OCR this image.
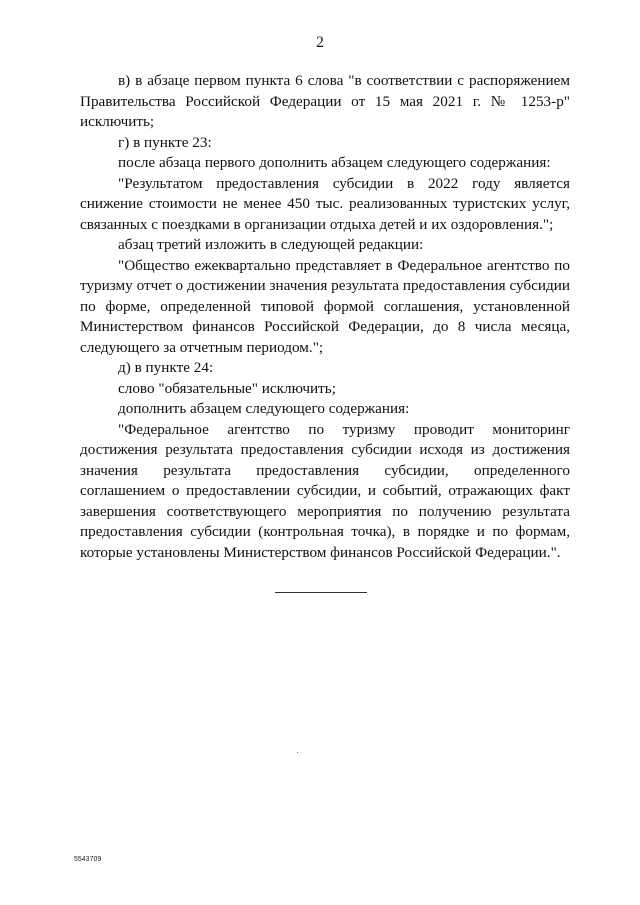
2

в) в абзаце первом пункта 6 слова "в соответствии с распоряжением Правительства Российской Федерации от 15 мая 2021 г. № 1253-р" исключить;

г) в пункте 23:

после абзаца первого дополнить абзацем следующего содержания:

"Результатом предоставления субсидии в 2022 году является снижение стоимости не менее 450 тыс. реализованных туристских услуг, связанных с поездками в организации отдыха детей и их оздоровления.";

абзац третий изложить в следующей редакции:

"Общество ежеквартально представляет в Федеральное агентство по туризму отчет о достижении значения результата предоставления субсидии по форме, определенной типовой формой соглашения, установленной Министерством финансов Российской Федерации, до 8 числа месяца, следующего за отчетным периодом.";

д) в пункте 24:

слово "обязательные" исключить;

дополнить абзацем следующего содержания:

"Федеральное агентство по туризму проводит мониторинг достижения результата предоставления субсидии исходя из достижения значения результата предоставления субсидии, определенного соглашением о предоставлении субсидии, и событий, отражающих факт завершения соответствующего мероприятия по получению результата предоставления субсидии (контрольная точка), в порядке и по формам, которые установлены Министерством финансов Российской Федерации.".

5543709
